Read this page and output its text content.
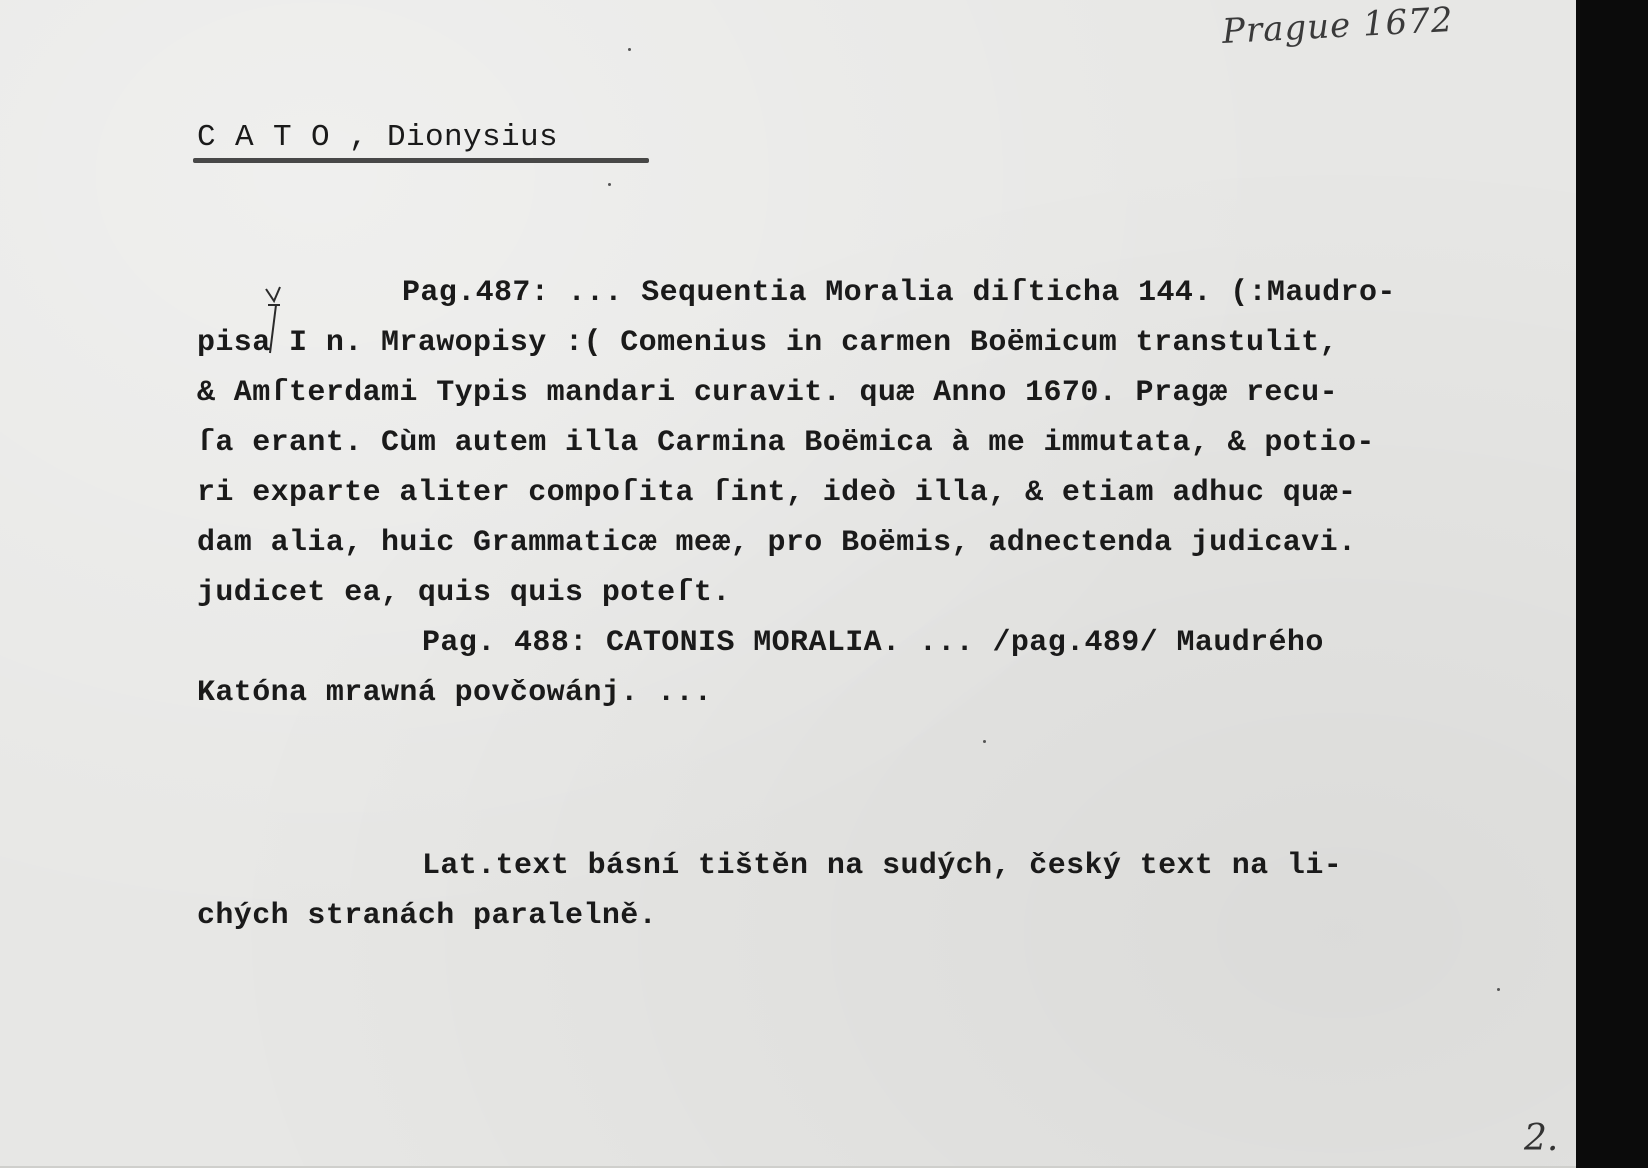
Prague 1672
C A T O , Dionysius
Pag.487: ... Sequentia Moralia diſticha 144. (:Maudro-
pisa I n. Mrawopisy :( Comenius in carmen Boëmicum transtulit,
& Amſterdami Typis mandari curavit. quæ Anno 1670. Pragæ recu-
ſa erant. Cùm autem illa Carmina Boëmica à me immutata, & potio-
ri exparte aliter compoſita ſint, ideò illa, & etiam adhuc quæ-
dam alia, huic Grammaticæ meæ, pro Boëmis, adnectenda judicavi.
judicet ea, quis quis poteſt.
Pag. 488: CATONIS MORALIA. ... /pag.489/ Maudrého
Katóna mrawná povčowánj. ...
Lat.text básní tištěn na sudých, český text na li-
chých stranách paralelně.
2.
